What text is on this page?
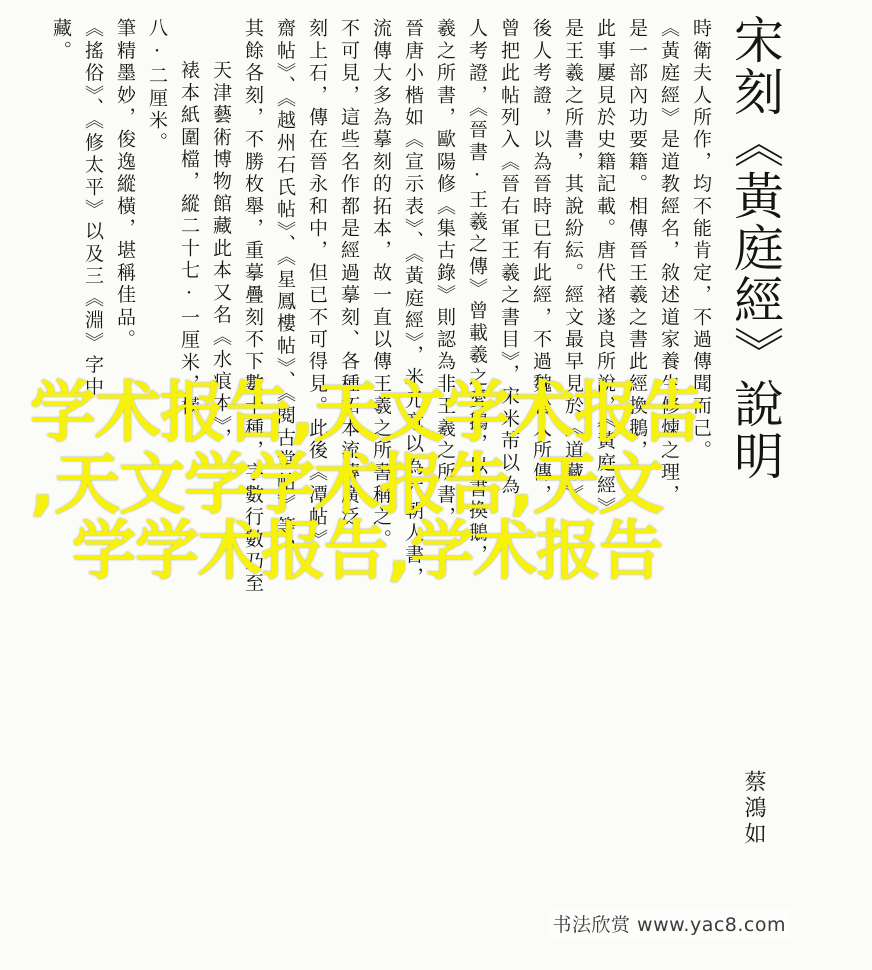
宋刻《黃庭經》說明
時衛夫人所作，均不能肯定，不過傳聞而己。
《黃庭經》是道教經名，敘述道家養生修煉之理，
是一部內功要籍。相傳晉王羲之書此經換鵝，
此事屢見於史籍記載。唐代褚遂良所說，《黃庭經》
是王羲之所書，其說紛紜。經文最早見於《道藏》，
後人考證，以為晉時已有此經，不過魏晉人所傳，
曾把此帖列入《晉右軍王羲之書目》，宋米芾以為
人考證，《晉書·王羲之傳》曾載羲之愛鵝，以書換鵝，
羲之所書，歐陽修《集古錄》則認為非王羲之所書，
晉唐小楷如《宣示表》、《黃庭經》，米元章以為六朝人書，
流傳大多為摹刻的拓本，故一直以傳王羲之所書稱之。
不可見，這些名作都是經過摹刻、各種拓本流傳廣泛。
刻上石，傳在晉永和中，但已不可得見。此後《潭帖》
齋帖》、《越州石氏帖》、《星鳳樓帖》、《閱古堂帖》等，
其餘各刻，不勝枚舉，重摹疊刻不下數十種，字數行數乃至
天津藝術博物館藏此本又名《水痕本》，
裱本紙圍檔，縱二十七·一厘米，橫
八·二厘米。
筆精墨妙，俊逸縱橫，堪稱佳品。
《搖俗》、《修太平》以及三《淵》字中
藏。
蔡鴻如
学术报告,天文学术报告
,天文学学术报告,天文
学学术报告,学术报告
书法欣赏 www.yac8.com
